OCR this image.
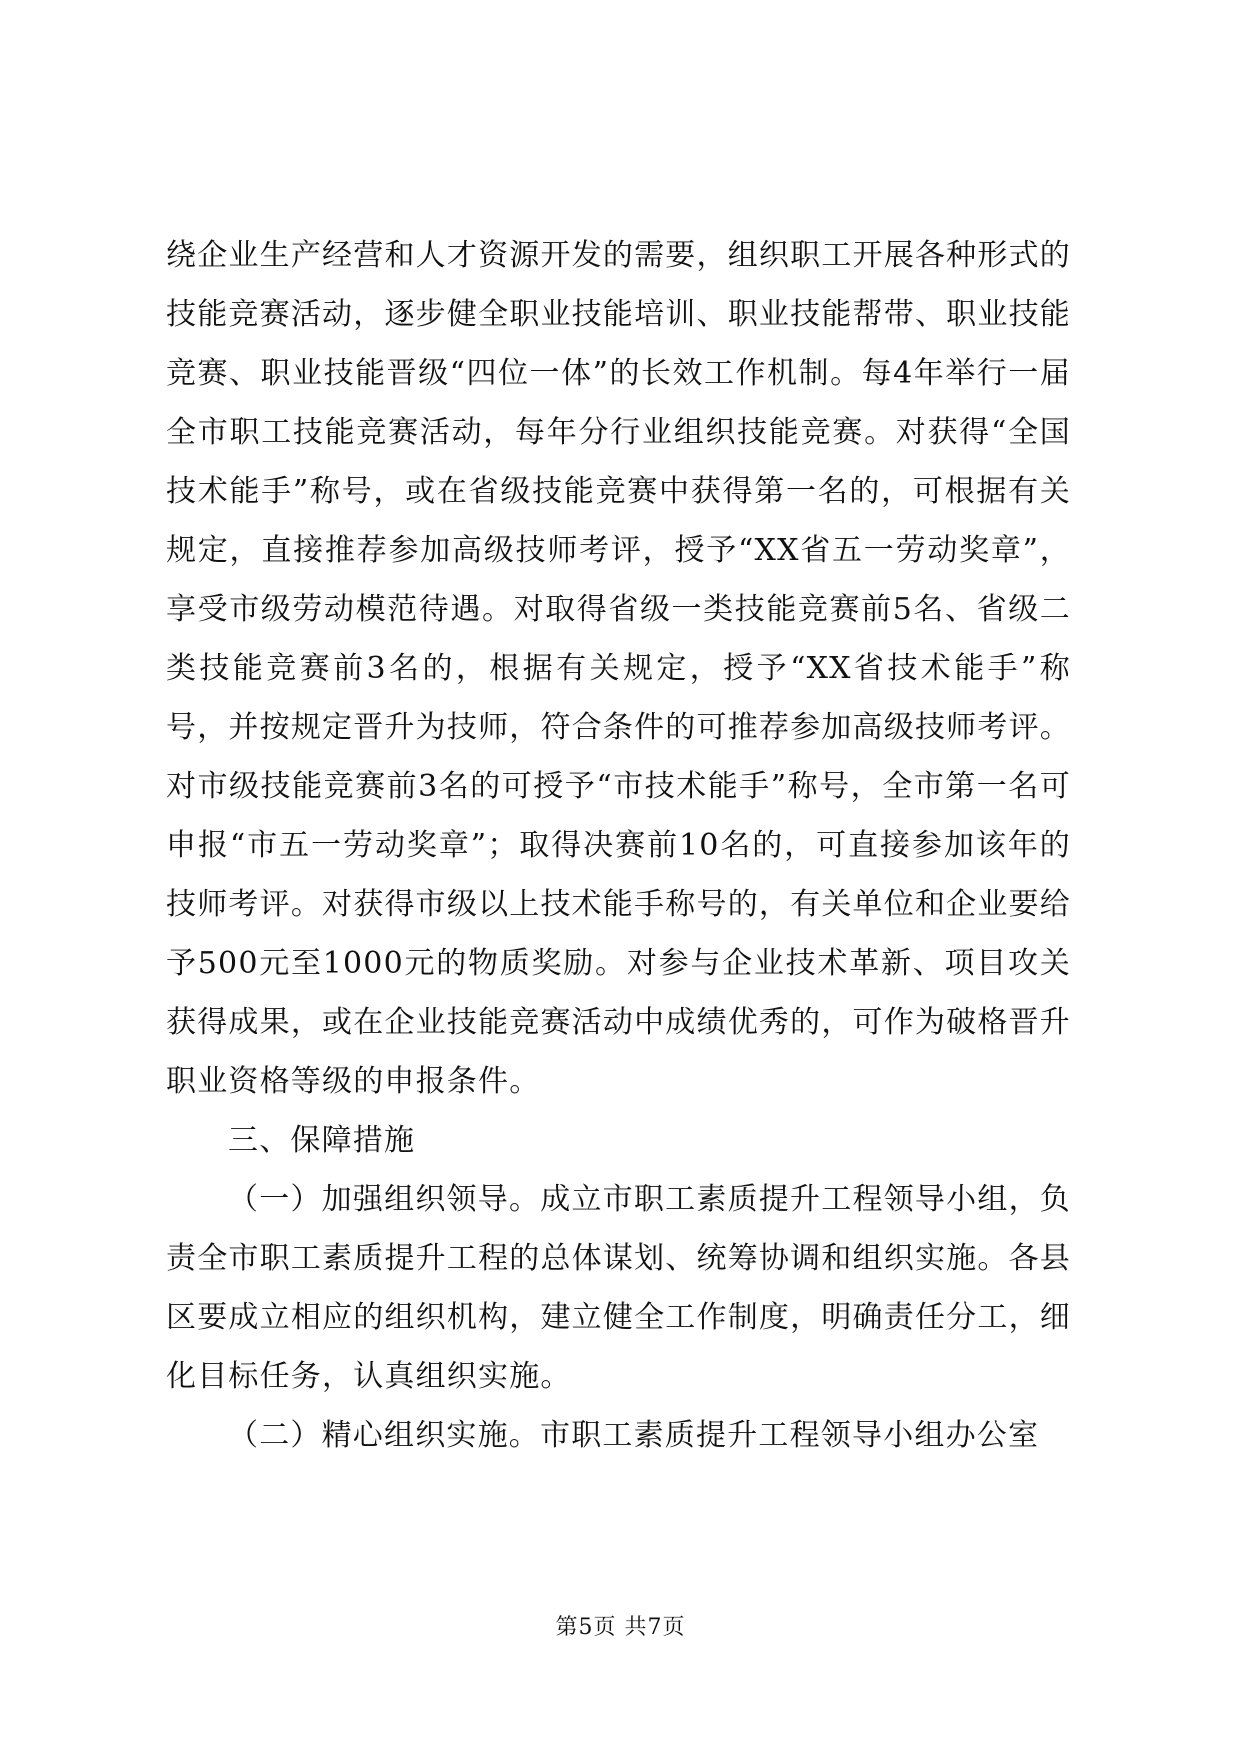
绕企业生产经营和人才资源开发的需要，组织职工开展各种形式的技能竞赛活动，逐步健全职业技能培训、职业技能帮带、职业技能竞赛、职业技能晋级“四位一体”的长效工作机制。每4年举行一届全市职工技能竞赛活动，每年分行业组织技能竞赛。对获得“全国技术能手”称号，或在省级技能竞赛中获得第一名的，可根据有关规定，直接推荐参加高级技师考评，授予“XX省五一劳动奖章”，享受市级劳动模范待遇。对取得省级一类技能竞赛前5名、省级二类技能竞赛前3名的，根据有关规定，授予“XX省技术能手”称号，并按规定晋升为技师，符合条件的可推荐参加高级技师考评。对市级技能竞赛前3名的可授予“市技术能手”称号，全市第一名可申报“市五一劳动奖章”；取得决赛前10名的，可直接参加该年的技师考评。对获得市级以上技术能手称号的，有关单位和企业要给予500元至1000元的物质奖励。对参与企业技术革新、项目攻关获得成果，或在企业技能竞赛活动中成绩优秀的，可作为破格晋升职业资格等级的申报条件。

三、保障措施

（一）加强组织领导。成立市职工素质提升工程领导小组，负责全市职工素质提升工程的总体谋划、统筹协调和组织实施。各县区要成立相应的组织机构，建立健全工作制度，明确责任分工，细化目标任务，认真组织实施。

（二）精心组织实施。市职工素质提升工程领导小组办公室

第5页 共7页
